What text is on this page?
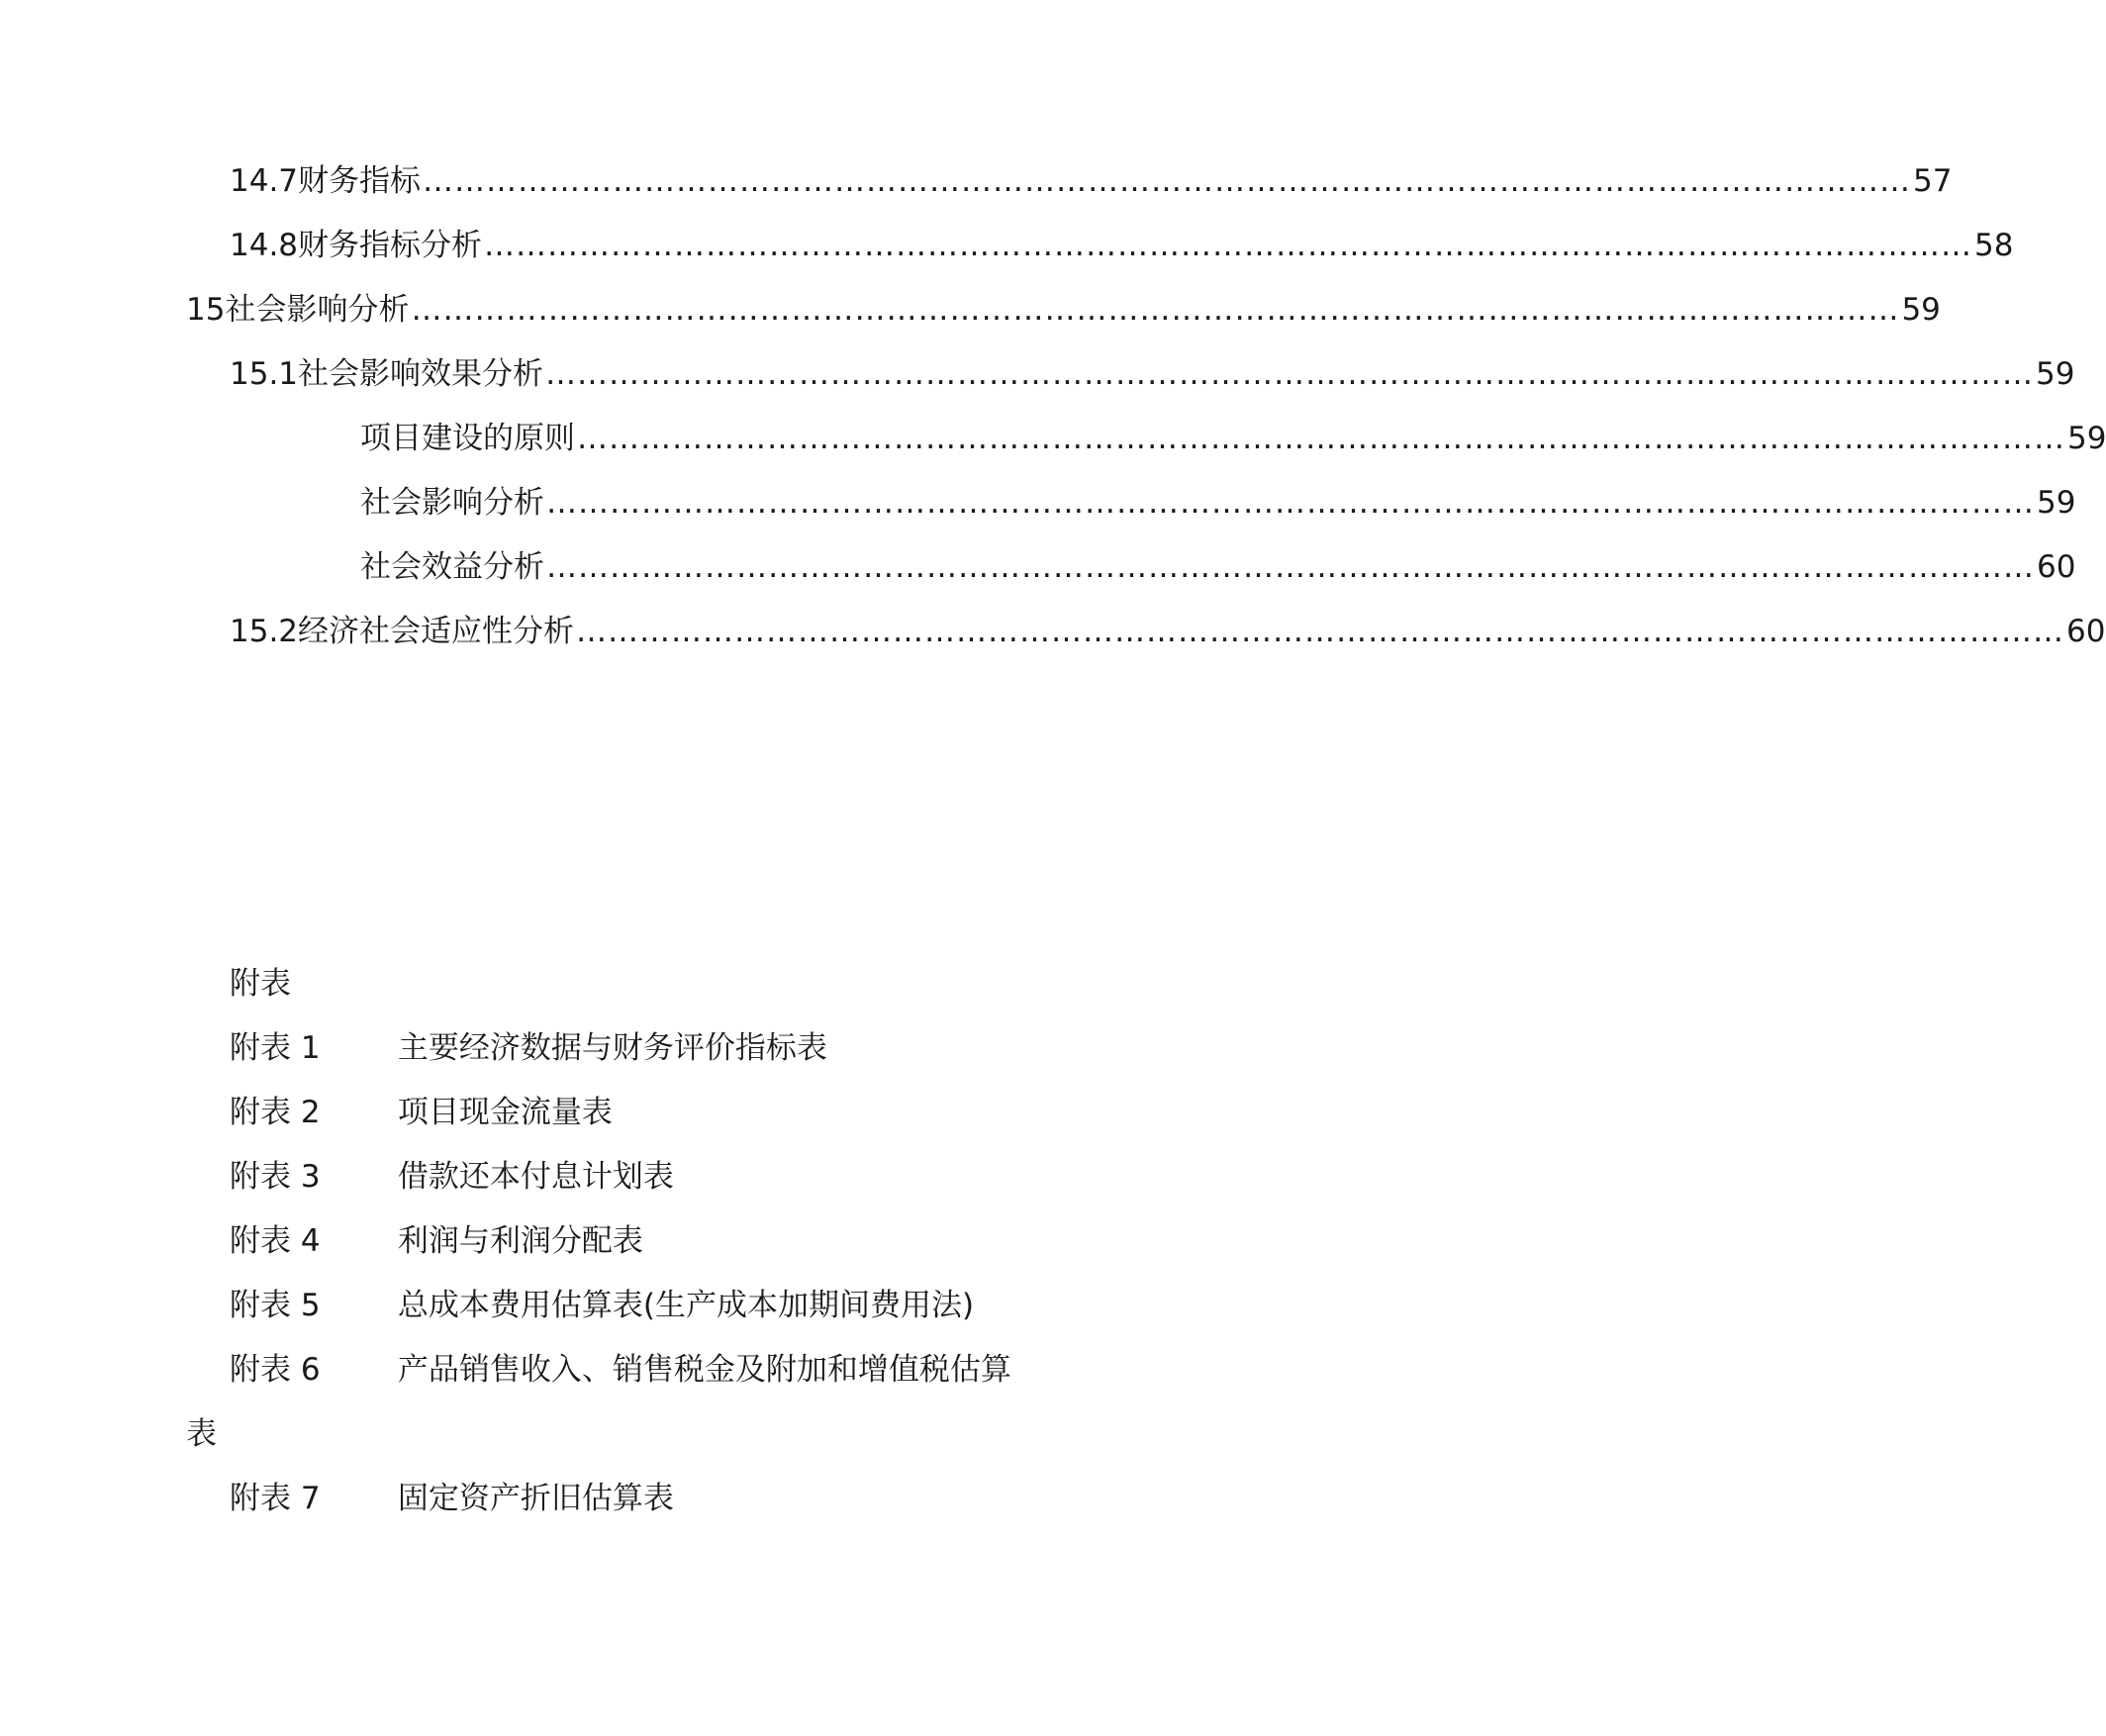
14.7 财务指标 …………………………………………………………………………………………………………………………… 57
14.8 财务指标分析 …………………………………………………………………………………………………………………………… 58
15 社会影响分析 …………………………………………………………………………………………………………………………… 59
15.1 社会影响效果分析 …………………………………………………………………………………………………………………………… 59
项目建设的原则 …………………………………………………………………………………………………………………………… 59
社会影响分析 …………………………………………………………………………………………………………………………… 59
社会效益分析 …………………………………………………………………………………………………………………………… 60
15.2 经济社会适应性分析 …………………………………………………………………………………………………………………………… 60
附表
附表 1	主要经济数据与财务评价指标表
附表 2	项目现金流量表
附表 3	借款还本付息计划表
附表 4	利润与利润分配表
附表 5	总成本费用估算表(生产成本加期间费用法)
附表 6	产品销售收入、销售税金及附加和增值税估算
表
附表 7	固定资产折旧估算表
